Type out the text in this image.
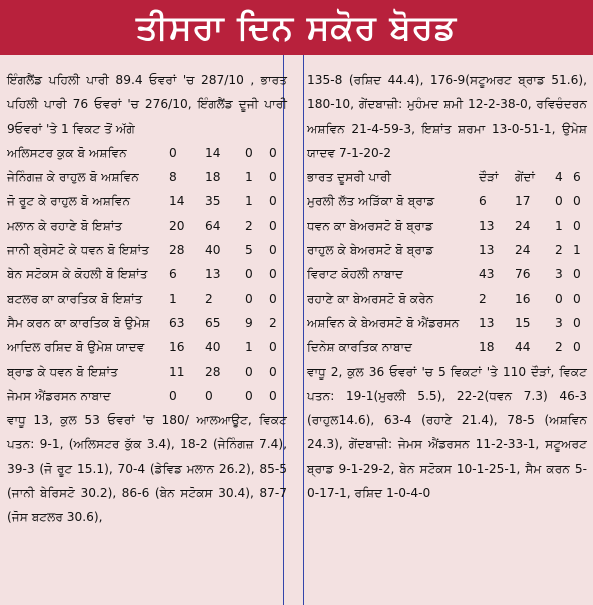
ਤੀਸਰਾ ਦਿਨ ਸਕੋਰ ਬੋਰਡ
ਇੰਗਲੈਂਡ ਪਹਿਲੀ ਪਾਰੀ 89.4 ਓਵਰਾਂ 'ਚ 287/10 , ਭਾਰਤ ਪਹਿਲੀ ਪਾਰੀ 76 ਓਵਰਾਂ 'ਚ 276/10, ਇੰਗਲੈਂਡ ਦੂਜੀ ਪਾਰੀ 9ਓਵਰਾਂ 'ਤੇ 1 ਵਿਕਟ ਤੋਂ ਅੱਗੇ
ਅਲਿਸਟਰ ਕੁਕ ਬੋ ਅਸ਼ਵਿਨ	0	14	0	0
ਜੇਨਿੰਗਜ਼ ਕੇ ਰਾਹੁਲ ਬੋ ਅਸ਼ਵਿਨ	8	18	1	0
ਜੋ ਰੂਟ ਕੇ ਰਾਹੁਲ ਬੋ ਅਸ਼ਵਿਨ	14	35	1	0
ਮਲਾਨ ਕੇ ਰਹਾਣੇ ਬੋ ਇਸ਼ਾਂਤ	20	64	2	0
ਜਾਨੀ ਬ੍ਰੇਸਟੋ ਕੇ ਧਵਨ ਬੋ ਇਸ਼ਾਂਤ	28	40	5	0
ਬੇਨ ਸਟੋਕਸ ਕੇ ਕੋਹਲੀ ਬੋ ਇਸ਼ਾਂਤ	6	13	0	0
ਬਟਲਰ ਕਾ ਕਾਰਤਿਕ ਬੋ ਇਸ਼ਾਂਤ	1	2	0	0
ਸੈਮ ਕਰਨ ਕਾ ਕਾਰਤਿਕ ਬੋ ਉਮੇਸ਼	63	65	9	2
ਆਦਿਲ ਰਸ਼ਿਦ ਬੋ ਉਮੇਸ਼ ਯਾਦਵ	16	40	1	0
ਬ੍ਰਾਡ ਕੇ ਧਵਨ ਬੋ ਇਸ਼ਾਂਤ	11	28	0	0
ਜੇਮਸ ਐਂਡਰਸਨ ਨਾਬਾਦ	0	0	0	0
ਵਾਧੂ 13, ਕੁਲ 53 ਓਵਰਾਂ 'ਚ 180/ ਆਲਆਊਟ, ਵਿਕਟ ਪਤਨ: 9-1, (ਅਲਿਸਟਰ ਕੁੱਕ 3.4), 18-2 (ਜੇਨਿੰਗਜ਼ 7.4), 39-3 (ਜੋ ਰੂਟ 15.1), 70-4 (ਡੇਵਿਡ ਮਲਾਨ 26.2), 85-5 (ਜਾਨੀ ਬੇਰਿਸਟੋ 30.2), 86-6 (ਬੇਨ ਸਟੋਕਸ 30.4), 87-7 (ਜੋਸ ਬਟਲਰ 30.6),
135-8 (ਰਸ਼ਿਦ 44.4), 176-9(ਸਟੂਅਰਟ ਬ੍ਰਾਡ 51.6), 180-10, ਗੇਂਦਬਾਜ਼ੀ: ਮੁਹੰਮਦ ਸ਼ਮੀ 12-2-38-0, ਰਵਿਚੰਦਰਨ ਅਸ਼ਵਿਨ 21-4-59-3, ਇਸ਼ਾਂਤ ਸ਼ਰਮਾ 13-0-51-1, ਉਮੇਸ਼ ਯਾਦਵ 7-1-20-2
ਭਾਰਤ ਦੂਸਰੀ ਪਾਰੀ	ਦੌੜਾਂ	ਗੇਂਦਾਂ	4 6
ਮੁਰਲੀ ਲੱਤ ਅੜਿੱਕਾ ਬੋ ਬ੍ਰਾਡ	6	17	0 0
ਧਵਨ ਕਾ ਬੇਅਰਸਟੋ ਬੋ ਬ੍ਰਾਡ	13	24	1 0
ਰਾਹੁਲ ਕੇ ਬੇਅਰਸਟੋ ਬੋ ਬ੍ਰਾਡ	13	24	2 1
ਵਿਰਾਟ ਕੋਹਲੀ ਨਾਬਾਦ	43	76	3 0
ਰਹਾਣੇ ਕਾ ਬੇਅਰਸਟੋ ਬੋ ਕਰੇਨ	2	16	0 0
ਅਸ਼ਵਿਨ ਕੇ ਬੇਅਰਸਟੋ ਬੋ ਐਂਡਰਸਨ	13	15	3 0
ਦਿਨੇਸ਼ ਕਾਰਤਿਕ ਨਾਬਾਦ	18	44	2 0
ਵਾਧੂ 2, ਕੁਲ 36 ਓਵਰਾਂ 'ਚ 5 ਵਿਕਟਾਂ 'ਤੇ 110 ਦੌੜਾਂ, ਵਿਕਟ ਪਤਨ: 19-1(ਮੁਰਲੀ 5.5), 22-2(ਧਵਨ 7.3) 46-3 (ਰਾਹੁਲ14.6), 63-4 (ਰਹਾਣੇ 21.4), 78-5 (ਅਸ਼ਵਿਨ 24.3), ਗੇਂਦਬਾਜ਼ੀ: ਜੇਮਸ ਐਂਡਰਸਨ 11-2-33-1, ਸਟੂਅਰਟ ਬ੍ਰਾਡ 9-1-29-2, ਬੇਨ ਸਟੋਕਸ 10-1-25-1, ਸੈਮ ਕਰਨ 5-0-17-1, ਰਸ਼ਿਦ 1-0-4-0
